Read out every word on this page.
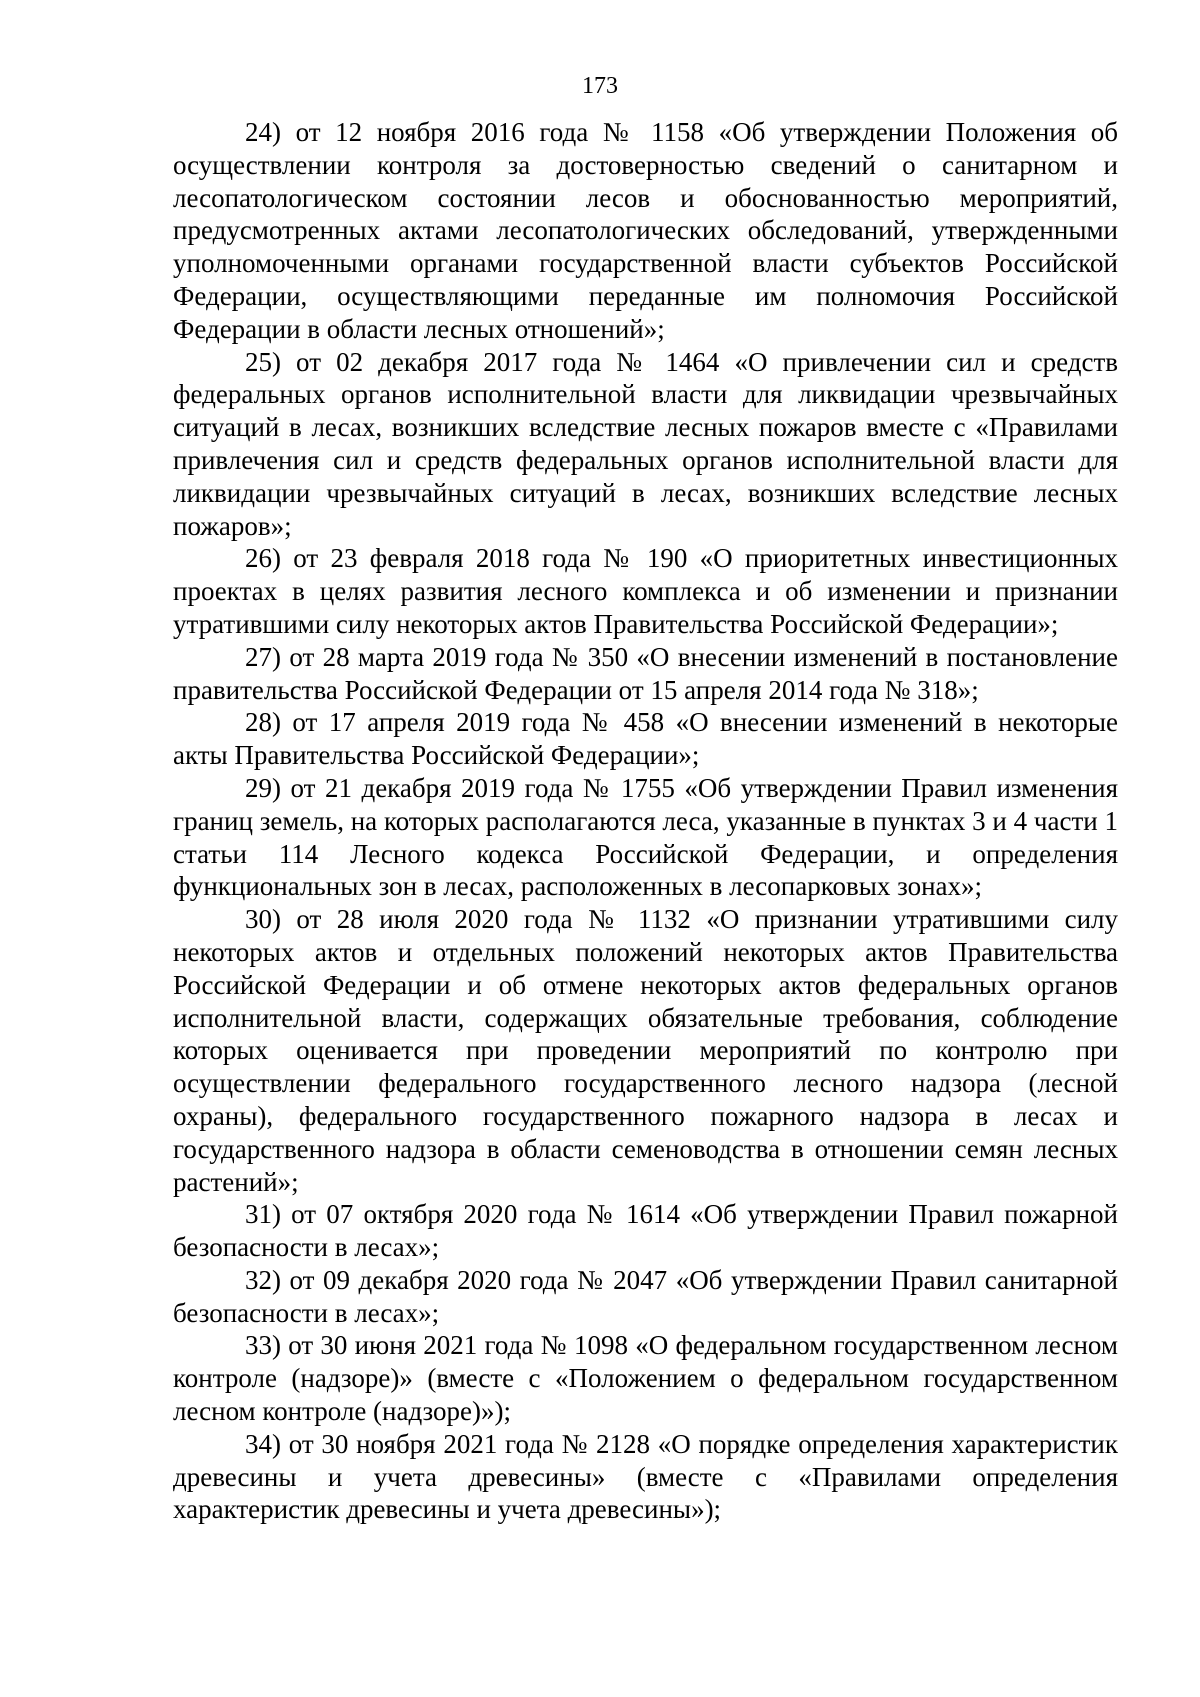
173

24) от 12 ноября 2016 года № 1158 «Об утверждении Положения об осуществлении контроля за достоверностью сведений о санитарном и лесопатологическом состоянии лесов и обоснованностью мероприятий, предусмотренных актами лесопатологических обследований, утвержденными уполномоченными органами государственной власти субъектов Российской Федерации, осуществляющими переданные им полномочия Российской Федерации в области лесных отношений»;

25) от 02 декабря 2017 года № 1464 «О привлечении сил и средств федеральных органов исполнительной власти для ликвидации чрезвычайных ситуаций в лесах, возникших вследствие лесных пожаров вместе с «Правилами привлечения сил и средств федеральных органов исполнительной власти для ликвидации чрезвычайных ситуаций в лесах, возникших вследствие лесных пожаров»;

26) от 23 февраля 2018 года № 190 «О приоритетных инвестиционных проектах в целях развития лесного комплекса и об изменении и признании утратившими силу некоторых актов Правительства Российской Федерации»;

27) от 28 марта 2019 года № 350 «О внесении изменений в постановление правительства Российской Федерации от 15 апреля 2014 года № 318»;

28) от 17 апреля 2019 года № 458 «О внесении изменений в некоторые акты Правительства Российской Федерации»;

29) от 21 декабря 2019 года № 1755 «Об утверждении Правил изменения границ земель, на которых располагаются леса, указанные в пунктах 3 и 4 части 1 статьи 114 Лесного кодекса Российской Федерации, и определения функциональных зон в лесах, расположенных в лесопарковых зонах»;

30) от 28 июля 2020 года № 1132 «О признании утратившими силу некоторых актов и отдельных положений некоторых актов Правительства Российской Федерации и об отмене некоторых актов федеральных органов исполнительной власти, содержащих обязательные требования, соблюдение которых оценивается при проведении мероприятий по контролю при осуществлении федерального государственного лесного надзора (лесной охраны), федерального государственного пожарного надзора в лесах и государственного надзора в области семеноводства в отношении семян лесных растений»;

31) от 07 октября 2020 года № 1614 «Об утверждении Правил пожарной безопасности в лесах»;

32) от 09 декабря 2020 года № 2047 «Об утверждении Правил санитарной безопасности в лесах»;

33) от 30 июня 2021 года № 1098 «О федеральном государственном лесном контроле (надзоре)» (вместе с «Положением о федеральном государственном лесном контроле (надзоре)»);

34) от 30 ноября 2021 года № 2128 «О порядке определения характеристик древесины и учета древесины» (вместе с «Правилами определения характеристик древесины и учета древесины»);
